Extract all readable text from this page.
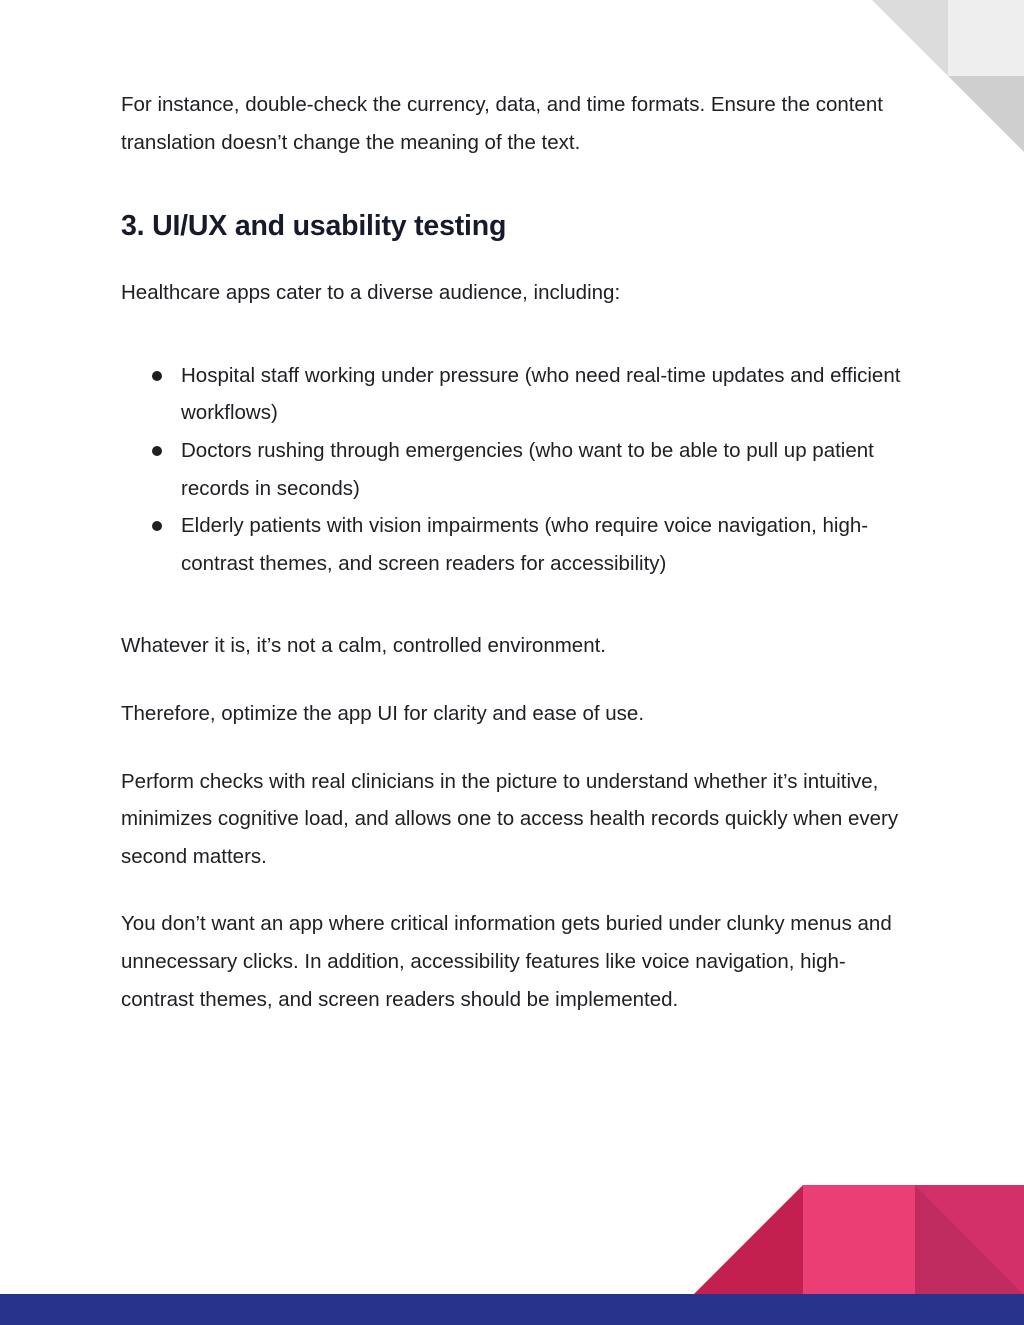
For instance, double-check the currency, data, and time formats. Ensure the content translation doesn’t change the meaning of the text.

3. UI/UX and usability testing

Healthcare apps cater to a diverse audience, including:

Hospital staff working under pressure (who need real-time updates and efficient workflows)
Doctors rushing through emergencies (who want to be able to pull up patient records in seconds)
Elderly patients with vision impairments (who require voice navigation, high-contrast themes, and screen readers for accessibility)

Whatever it is, it’s not a calm, controlled environment.

Therefore, optimize the app UI for clarity and ease of use.

Perform checks with real clinicians in the picture to understand whether it’s intuitive, minimizes cognitive load, and allows one to access health records quickly when every second matters.

You don’t want an app where critical information gets buried under clunky menus and unnecessary clicks. In addition, accessibility features like voice navigation, high-contrast themes, and screen readers should be implemented.
